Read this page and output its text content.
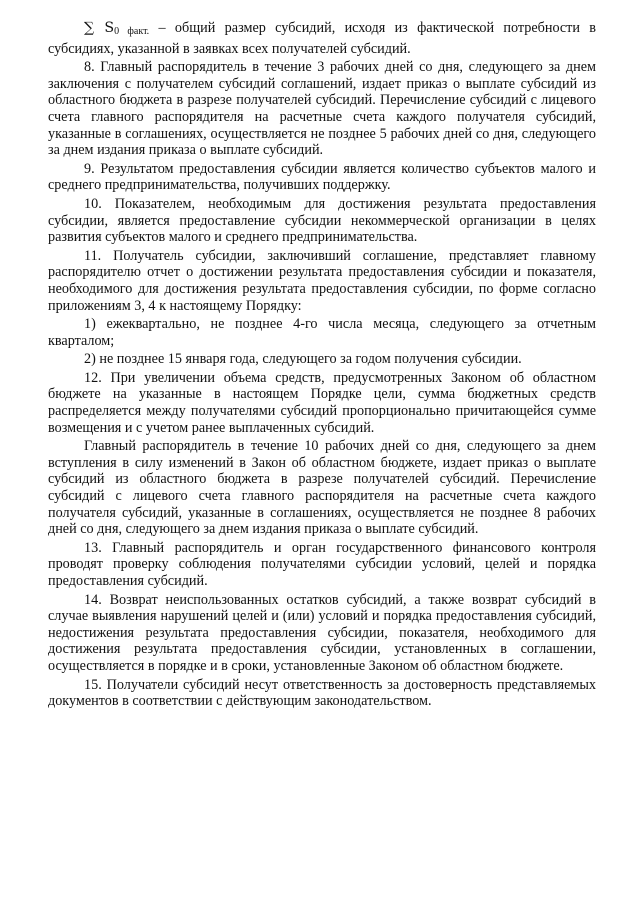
∑ $S_{0 факт.}$ – общий размер субсидий, исходя из фактической потребности в субсидиях, указанной в заявках всех получателей субсидий.

8. Главный распорядитель в течение 3 рабочих дней со дня, следующего за днем заключения с получателем субсидий соглашений, издает приказ о выплате субсидий из областного бюджета в разрезе получателей субсидий. Перечисление субсидий с лицевого счета главного распорядителя на расчетные счета каждого получателя субсидий, указанные в соглашениях, осуществляется не позднее 5 рабочих дней со дня, следующего за днем издания приказа о выплате субсидий.

9. Результатом предоставления субсидии является количество субъектов малого и среднего предпринимательства, получивших поддержку.

10. Показателем, необходимым для достижения результата предоставления субсидии, является предоставление субсидии некоммерческой организации в целях развития субъектов малого и среднего предпринимательства.

11. Получатель субсидии, заключивший соглашение, представляет главному распорядителю отчет о достижении результата предоставления субсидии и показателя, необходимого для достижения результата предоставления субсидии, по форме согласно приложениям 3, 4 к настоящему Порядку:

1) ежеквартально, не позднее 4-го числа месяца, следующего за отчетным кварталом;

2) не позднее 15 января года, следующего за годом получения субсидии.

12. При увеличении объема средств, предусмотренных Законом об областном бюджете на указанные в настоящем Порядке цели, сумма бюджетных средств распределяется между получателями субсидий пропорционально причитающейся сумме возмещения и с учетом ранее выплаченных субсидий.

Главный распорядитель в течение 10 рабочих дней со дня, следующего за днем вступления в силу изменений в Закон об областном бюджете, издает приказ о выплате субсидий из областного бюджета в разрезе получателей субсидий. Перечисление субсидий с лицевого счета главного распорядителя на расчетные счета каждого получателя субсидий, указанные в соглашениях, осуществляется не позднее 8 рабочих дней со дня, следующего за днем издания приказа о выплате субсидий.

13. Главный распорядитель и орган государственного финансового контроля проводят проверку соблюдения получателями субсидии условий, целей и порядка предоставления субсидий.

14. Возврат неиспользованных остатков субсидий, а также возврат субсидий в случае выявления нарушений целей и (или) условий и порядка предоставления субсидий, недостижения результата предоставления субсидии, показателя, необходимого для достижения результата предоставления субсидии, установленных в соглашении, осуществляется в порядке и в сроки, установленные Законом об областном бюджете.

15. Получатели субсидий несут ответственность за достоверность представляемых документов в соответствии с действующим законодательством.
